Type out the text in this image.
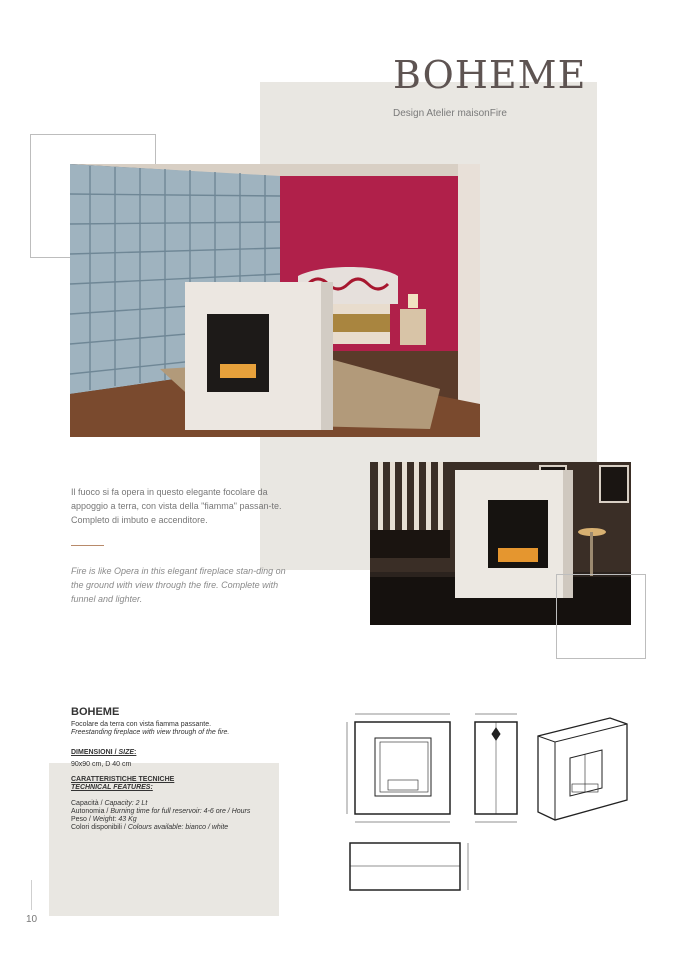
BOHEME
Design Atelier maisonFire
Il fuoco si fa opera in questo elegante focolare da appoggio a terra, con vista della "fiamma" passan-te. Completo di imbuto e accenditore.
Fire is like Opera in this elegant fireplace stan-ding on the ground with view through the fire. Complete with funnel and lighter.
BOHEME
Focolare da terra con vista fiamma passante.
Freestanding fireplace with view through of the fire.
DIMENSIONI / SIZE:
90x90 cm, D 40 cm
CARATTERISTICHE TECNICHE
TECHNICAL FEATURES:
Capacità / Capacity: 2 Lt
Autonomia / Burning time for full reservoir: 4-6 ore / Hours
Peso / Weight: 43 Kg
Colori disponibili / Colours available: bianco / white
10
